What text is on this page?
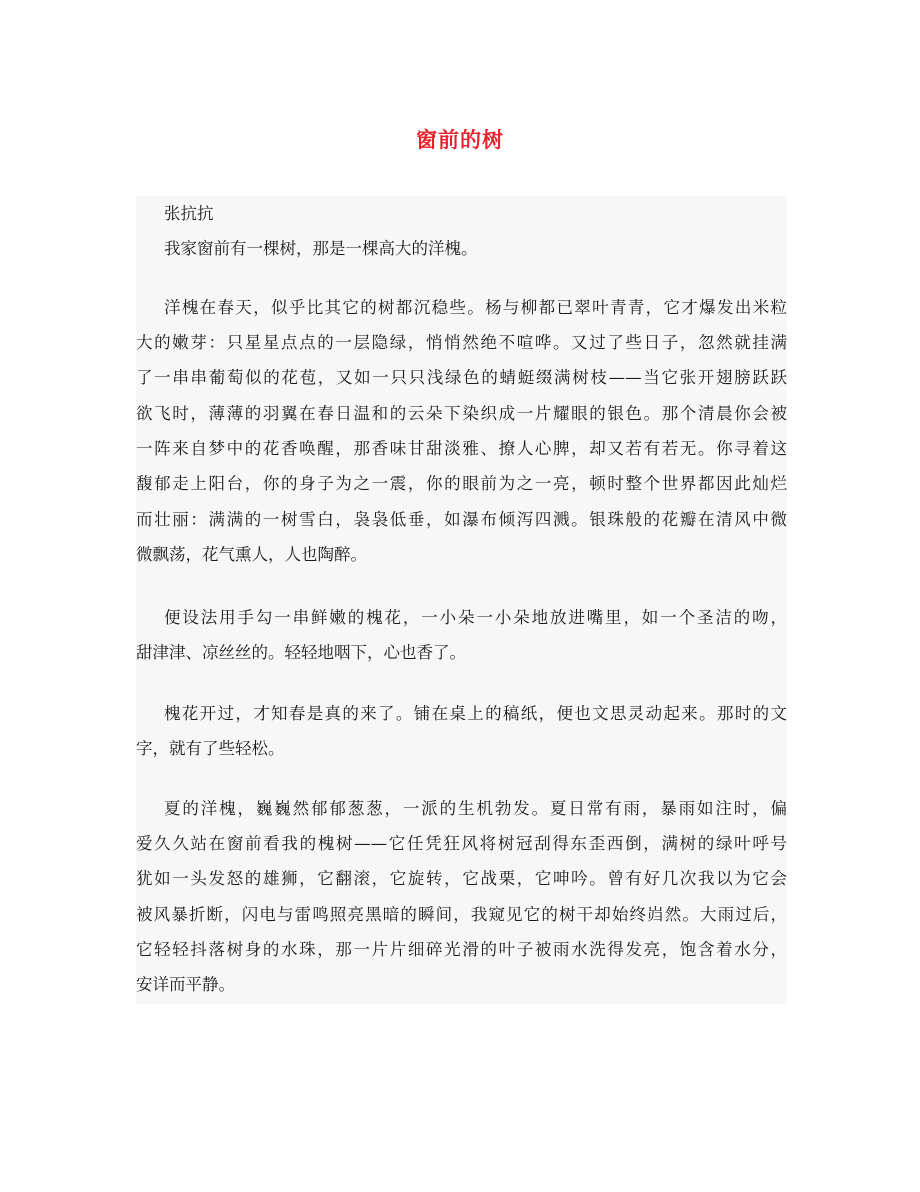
窗前的树
张抗抗
我家窗前有一棵树，那是一棵高大的洋槐。
洋槐在春天，似乎比其它的树都沉稳些。杨与柳都已翠叶青青，它才爆发出米粒
大的嫩芽：只星星点点的一层隐绿，悄悄然绝不喧哗。又过了些日子，忽然就挂满
了一串串葡萄似的花苞，又如一只只浅绿色的蜻蜓缀满树枝——当它张开翅膀跃跃
欲飞时，薄薄的羽翼在春日温和的云朵下染织成一片耀眼的银色。那个清晨你会被
一阵来自梦中的花香唤醒，那香味甘甜淡雅、撩人心脾，却又若有若无。你寻着这
馥郁走上阳台，你的身子为之一震，你的眼前为之一亮，顿时整个世界都因此灿烂
而壮丽：满满的一树雪白，袅袅低垂，如瀑布倾泻四溅。银珠般的花瓣在清风中微
微飘荡，花气熏人，人也陶醉。
便设法用手勾一串鲜嫩的槐花，一小朵一小朵地放进嘴里，如一个圣洁的吻，
甜津津、凉丝丝的。轻轻地咽下，心也香了。
槐花开过，才知春是真的来了。铺在桌上的稿纸，便也文思灵动起来。那时的文
字，就有了些轻松。
夏的洋槐，巍巍然郁郁葱葱，一派的生机勃发。夏日常有雨，暴雨如注时，偏
爱久久站在窗前看我的槐树——它任凭狂风将树冠刮得东歪西倒，满树的绿叶呼号
犹如一头发怒的雄狮，它翻滚，它旋转，它战栗，它呻吟。曾有好几次我以为它会
被风暴折断，闪电与雷鸣照亮黑暗的瞬间，我窥见它的树干却始终岿然。大雨过后，
它轻轻抖落树身的水珠，那一片片细碎光滑的叶子被雨水洗得发亮，饱含着水分，
安详而平静。
